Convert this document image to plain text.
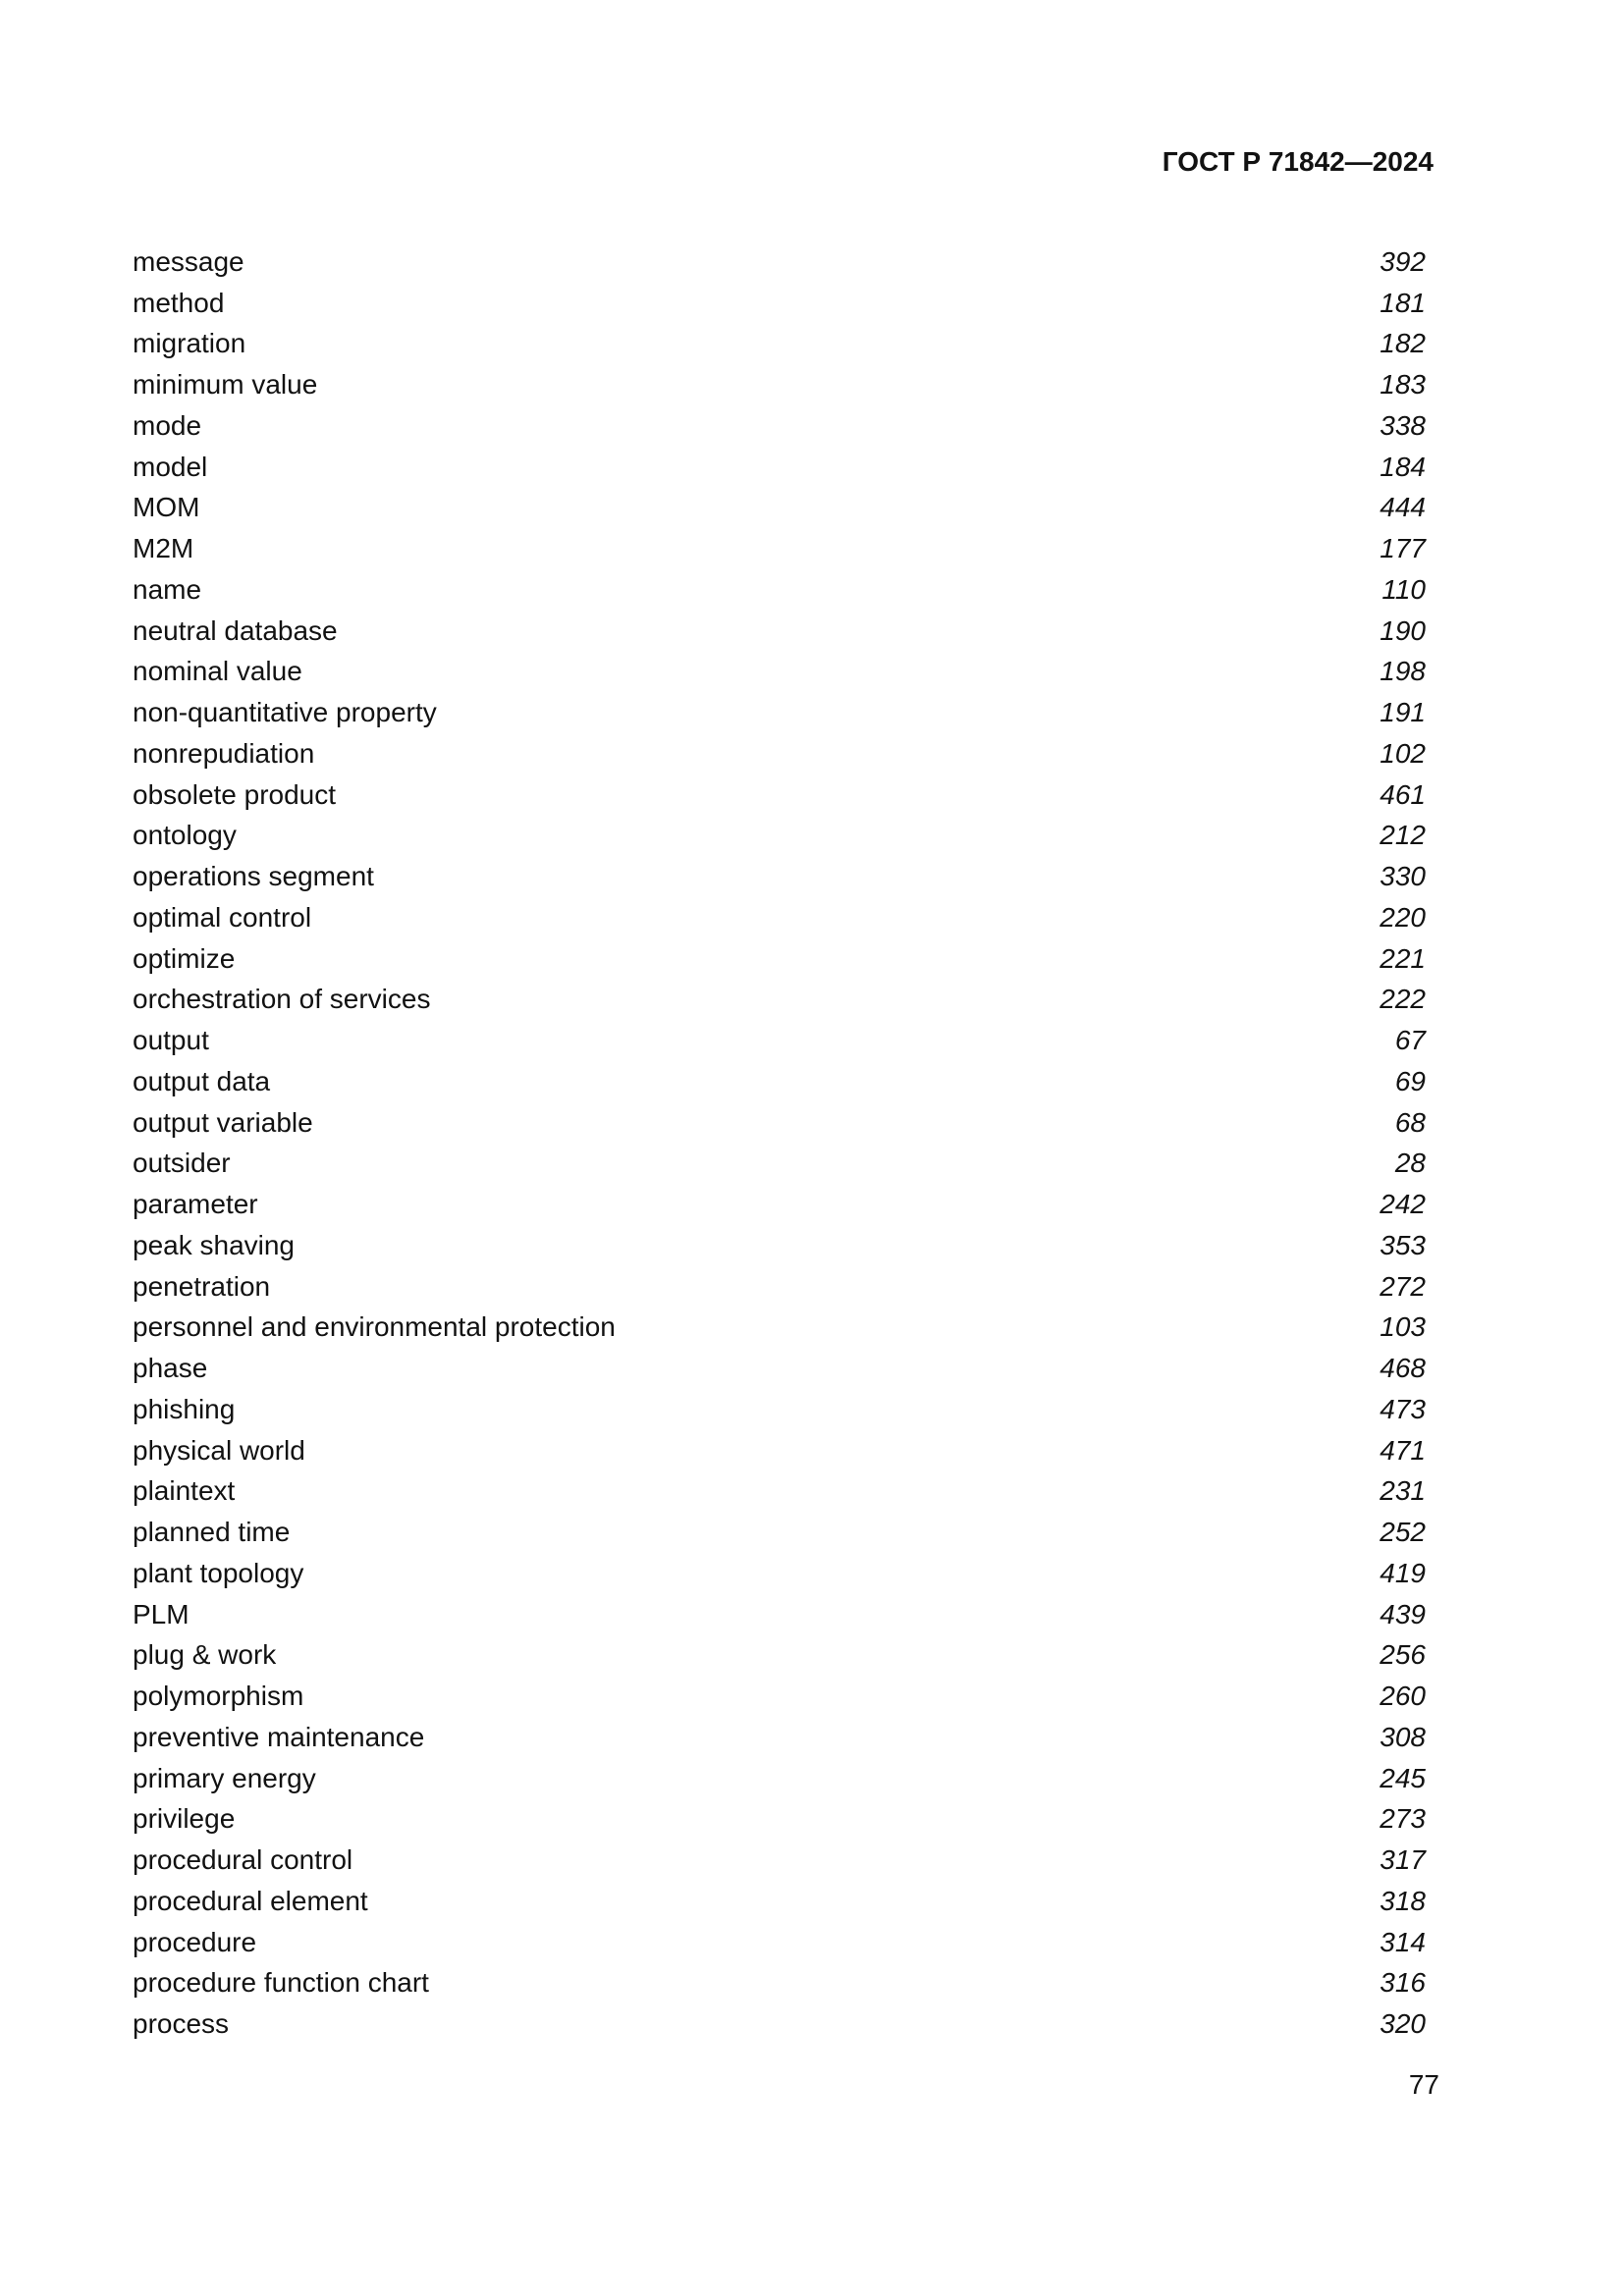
ГОСТ Р 71842—2024
message	392
method	181
migration	182
minimum value	183
mode	338
model	184
MOM	444
M2M	177
name	110
neutral database	190
nominal value	198
non-quantitative property	191
nonrepudiation	102
obsolete product	461
ontology	212
operations segment	330
optimal control	220
optimize	221
orchestration of services	222
output	67
output data	69
output variable	68
outsider	28
parameter	242
peak shaving	353
penetration	272
personnel and environmental protection	103
phase	468
phishing	473
physical world	471
plaintext	231
planned time	252
plant topology	419
PLM	439
plug & work	256
polymorphism	260
preventive maintenance	308
primary energy	245
privilege	273
procedural control	317
procedural element	318
procedure	314
procedure function chart	316
process	320
77
